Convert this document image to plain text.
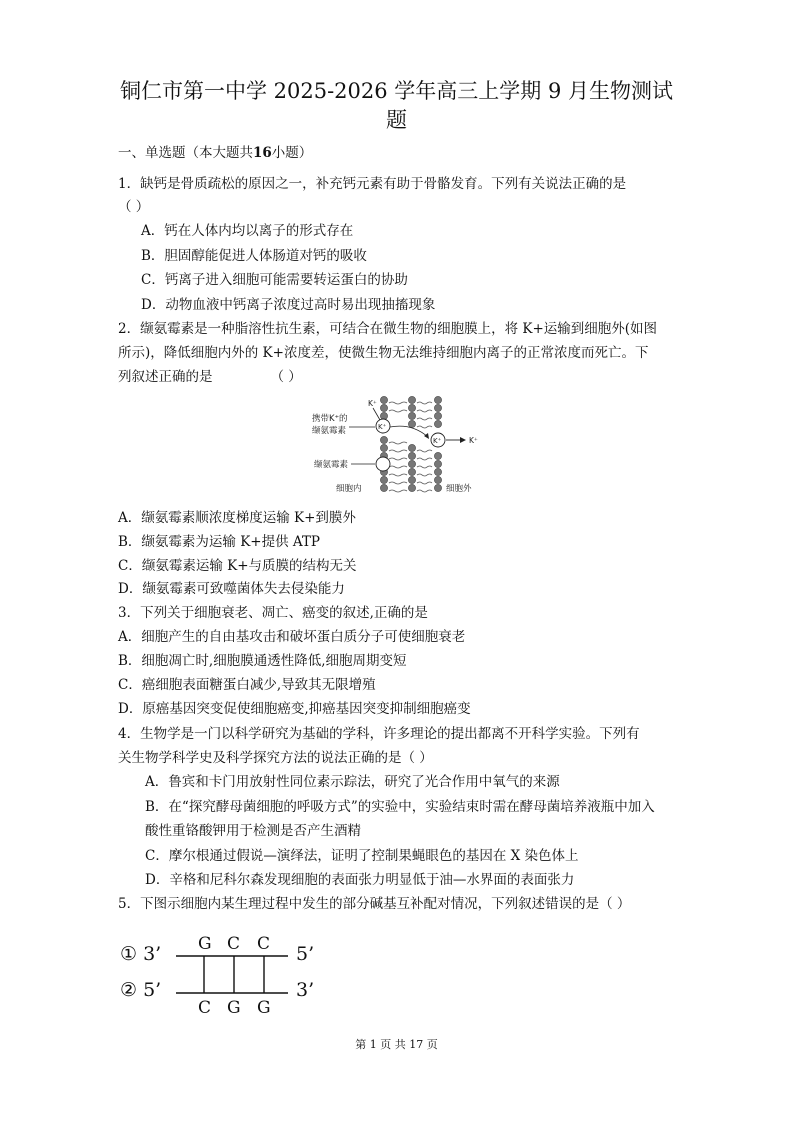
铜仁市第一中学 2025-2026 学年高三上学期 9 月生物测试
题
一、单选题（本大题共16小题）
1．缺钙是骨质疏松的原因之一，补充钙元素有助于骨骼发育。下列有关说法正确的是
（ ）
A．钙在人体内均以离子的形式存在
B．胆固醇能促进人体肠道对钙的吸收
C．钙离子进入细胞可能需要转运蛋白的协助
D．动物血液中钙离子浓度过高时易出现抽搐现象
2．缬氨霉素是一种脂溶性抗生素，可结合在微生物的细胞膜上，将 K+运输到细胞外(如图
所示)，降低细胞内外的 K+浓度差，使微生物无法维持细胞内离子的正常浓度而死亡。下
列叙述正确的是	（ ）
K⁺
K⁺
K⁺	K⁺
携带K⁺的
缬氨霉素
缬氨霉素
细胞内	细胞外
A．缬氨霉素顺浓度梯度运输 K+到膜外
B．缬氨霉素为运输 K+提供 ATP
C．缬氨霉素运输 K+与质膜的结构无关
D．缬氨霉素可致噬菌体失去侵染能力
3．下列关于细胞衰老、凋亡、癌变的叙述,正确的是
A．细胞产生的自由基攻击和破坏蛋白质分子可使细胞衰老
B．细胞凋亡时,细胞膜通透性降低,细胞周期变短
C．癌细胞表面糖蛋白减少,导致其无限增殖
D．原癌基因突变促使细胞癌变,抑癌基因突变抑制细胞癌变
4．生物学是一门以科学研究为基础的学科，许多理论的提出都离不开科学实验。下列有
关生物学科学史及科学探究方法的说法正确的是（ ）
A．鲁宾和卡门用放射性同位素示踪法，研究了光合作用中氧气的来源
B．在“探究酵母菌细胞的呼吸方式”的实验中，实验结束时需在酵母菌培养液瓶中加入
酸性重铬酸钾用于检测是否产生酒精
C．摩尔根通过假说—演绎法，证明了控制果蝇眼色的基因在 X 染色体上
D．辛格和尼科尔森发现细胞的表面张力明显低于油—水界面的表面张力
5．下图示细胞内某生理过程中发生的部分碱基互补配对情况，下列叙述错误的是（ ）
① 3’	5’
② 5’	3’
G C C
C G G
第 1 页 共 17 页
